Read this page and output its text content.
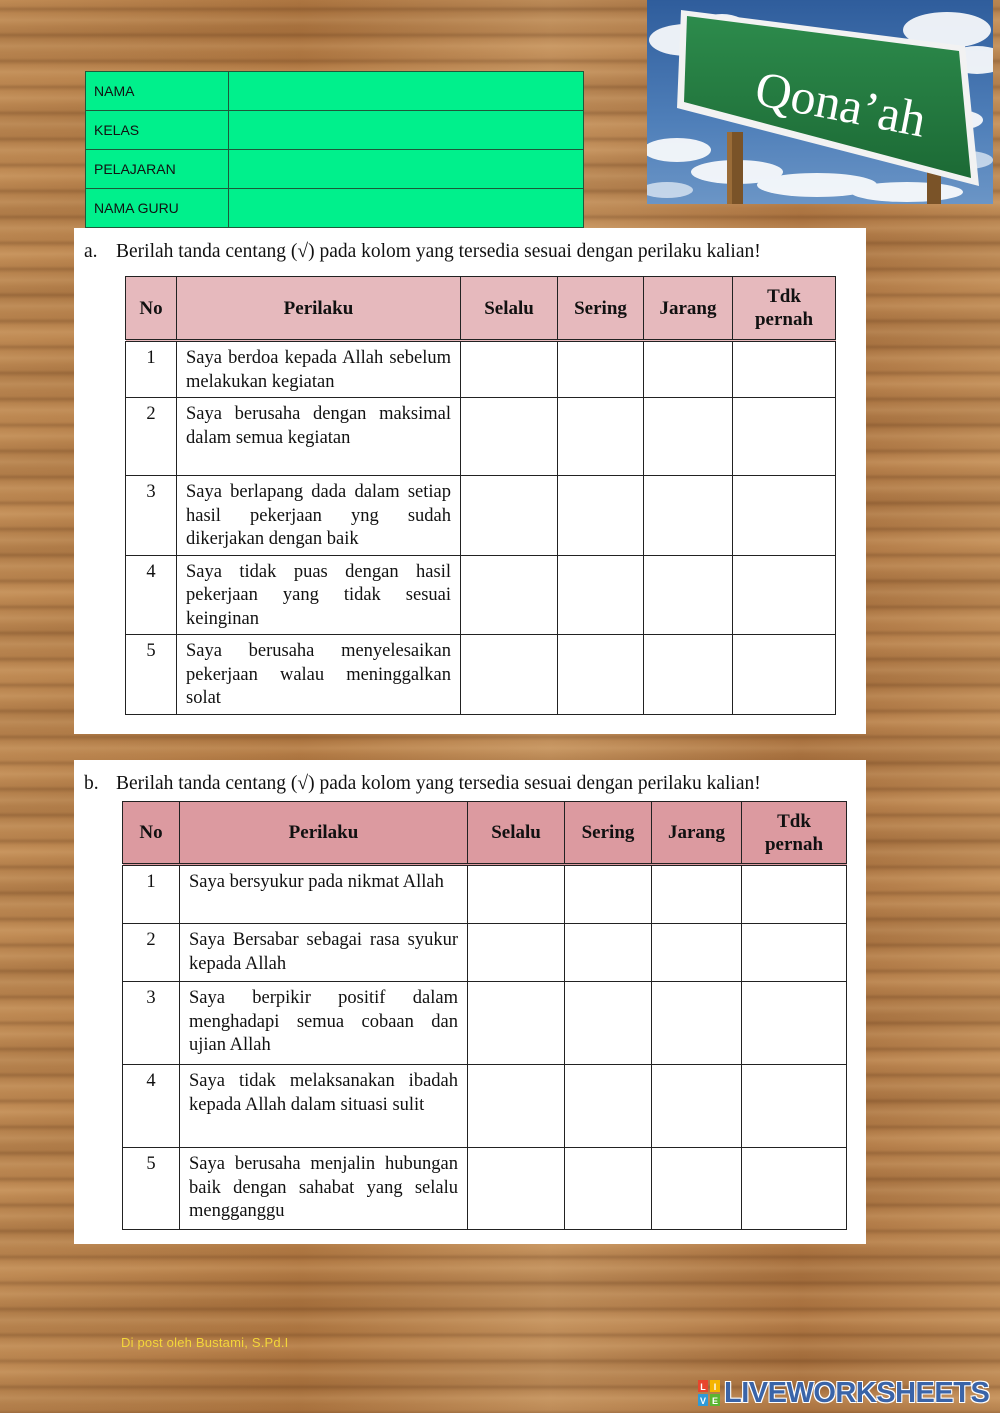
NAMA	
KELAS	
PELAJARAN	
NAMA GURU	
Qona’ah
a. Berilah tanda centang (√) pada kolom yang tersedia sesuai dengan perilaku kalian!
No	Perilaku	Selalu	Sering	Jarang	Tdk pernah
1	Saya berdoa kepada Allah sebelum melakukan kegiatan				
2	Saya berusaha dengan maksimal dalam semua kegiatan				
3	Saya berlapang dada dalam setiap hasil pekerjaan yng sudah dikerjakan dengan baik				
4	Saya tidak puas dengan hasil pekerjaan yang tidak sesuai keinginan				
5	Saya berusaha menyelesaikan pekerjaan walau meninggalkan solat				
b. Berilah tanda centang (√) pada kolom yang tersedia sesuai dengan perilaku kalian!
No	Perilaku	Selalu	Sering	Jarang	Tdk pernah
1	Saya bersyukur pada nikmat Allah				
2	Saya Bersabar sebagai rasa syukur kepada Allah				
3	Saya berpikir positif dalam menghadapi semua cobaan dan ujian Allah				
4	Saya tidak melaksanakan ibadah kepada Allah dalam situasi sulit				
5	Saya berusaha menjalin hubungan baik dengan sahabat yang selalu mengganggu				
Di post oleh Bustami, S.Pd.I
L I
V E LIVEWORKSHEETS
